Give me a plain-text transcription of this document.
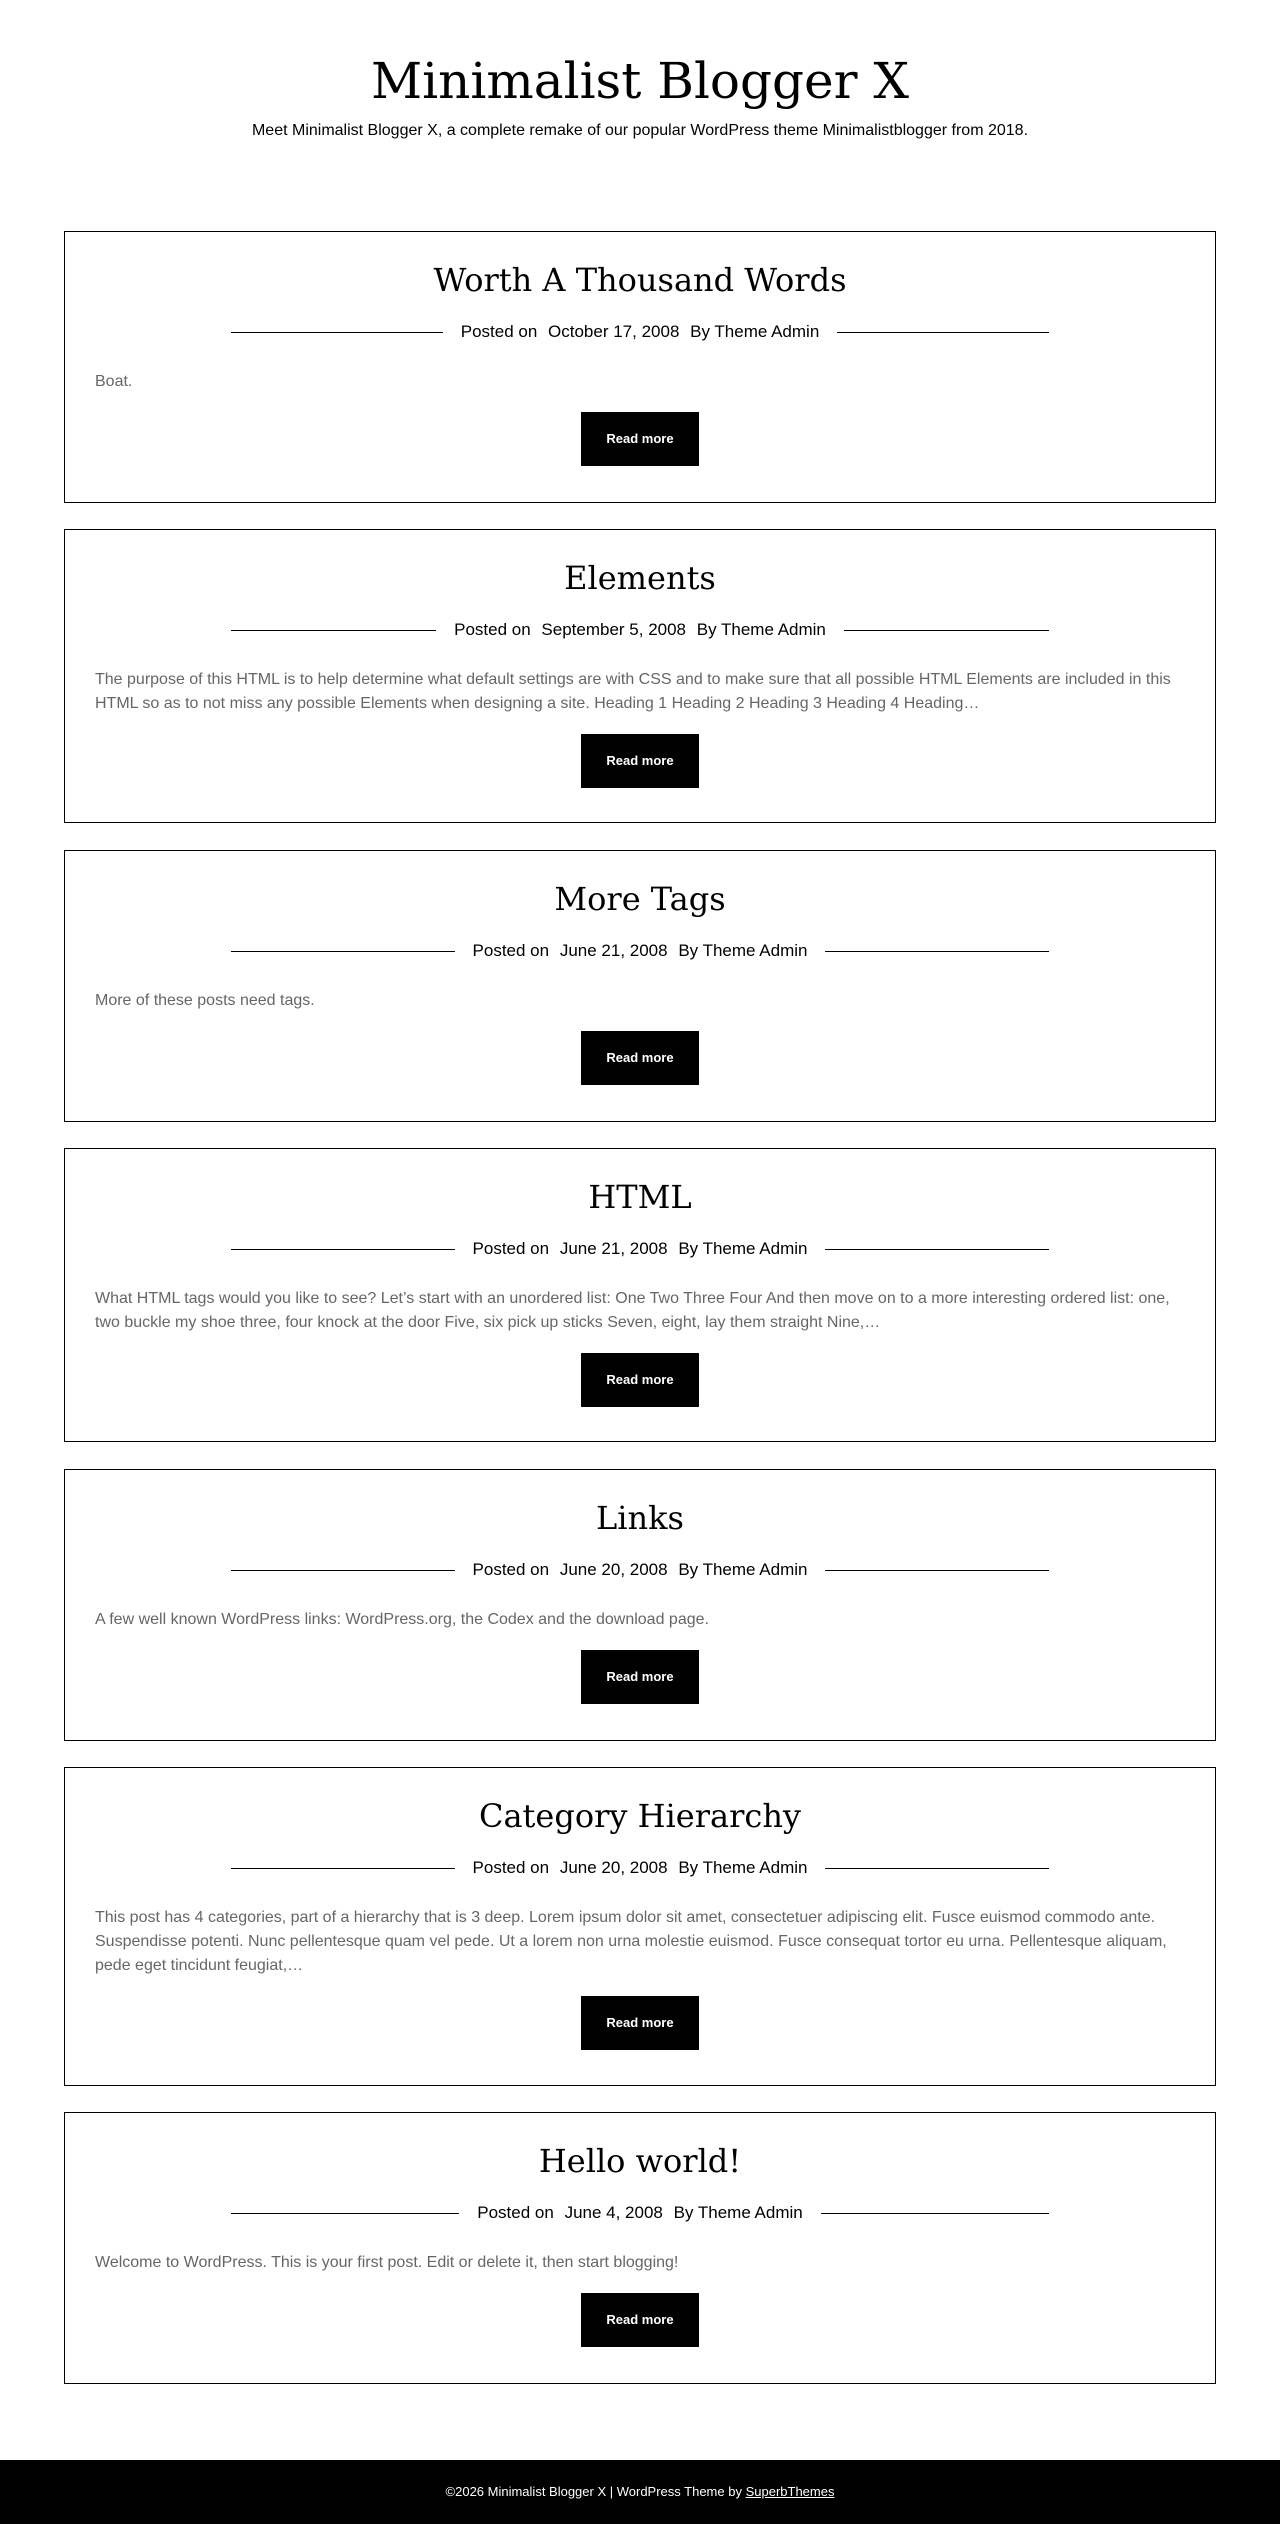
Minimalist Blogger X

Meet Minimalist Blogger X, a complete remake of our popular WordPress theme Minimalistblogger from 2018.

Worth A Thousand Words
Posted on October 17, 2008 By Theme Admin

Boat.

Read more
Elements
Posted on September 5, 2008 By Theme Admin

The purpose of this HTML is to help determine what default settings are with CSS and to make sure that all possible HTML Elements are included in this HTML so as to not miss any possible Elements when designing a site. Heading 1 Heading 2 Heading 3 Heading 4 Heading…

Read more
More Tags
Posted on June 21, 2008 By Theme Admin

More of these posts need tags.

Read more
HTML
Posted on June 21, 2008 By Theme Admin

What HTML tags would you like to see? Let’s start with an unordered list: One Two Three Four And then move on to a more interesting ordered list: one, two buckle my shoe three, four knock at the door Five, six pick up sticks Seven, eight, lay them straight Nine,…

Read more
Links
Posted on June 20, 2008 By Theme Admin

A few well known WordPress links: WordPress.org, the Codex and the download page.

Read more
Category Hierarchy
Posted on June 20, 2008 By Theme Admin

This post has 4 categories, part of a hierarchy that is 3 deep. Lorem ipsum dolor sit amet, consectetuer adipiscing elit. Fusce euismod commodo ante. Suspendisse potenti. Nunc pellentesque quam vel pede. Ut a lorem non urna molestie euismod. Fusce consequat tortor eu urna. Pellentesque aliquam, pede eget tincidunt feugiat,…

Read more
Hello world!
Posted on June 4, 2008 By Theme Admin

Welcome to WordPress. This is your first post. Edit or delete it, then start blogging!

Read more
©2026 Minimalist Blogger X | WordPress Theme by SuperbThemes
